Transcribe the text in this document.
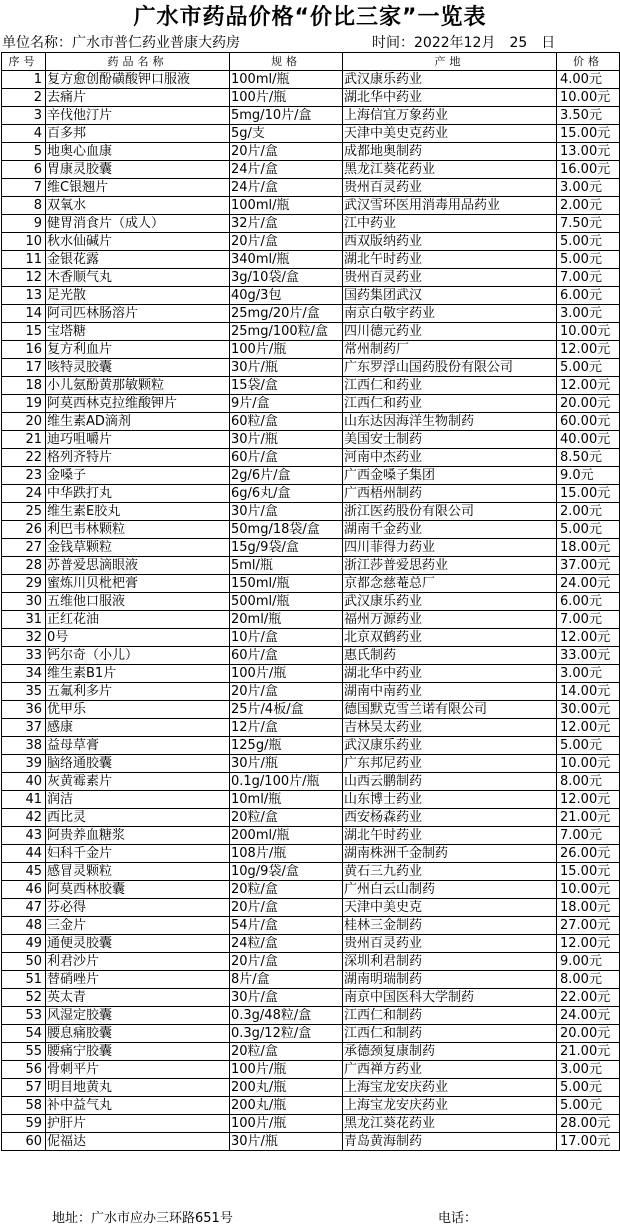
广水市药品价格“价比三家”一览表
单位名称：广水市普仁药业普康大药房	时间：2022年12月　25　日
序号	药品名称	规格	产地	价格
1	复方愈创酚磺酸钾口服液	100ml/瓶	武汉康乐药业	4.00元
2	去痛片	100片/瓶	湖北华中药业	10.00元
3	辛伐他汀片	5mg/10片/盒	上海信宜万象药业	3.50元
4	百多邦	5g/支	天津中美史克药业	15.00元
5	地奥心血康	20片/盒	成都地奥制药	13.00元
6	胃康灵胶囊	24片/盒	黑龙江葵花药业	16.00元
7	维C银翘片	24片/盒	贵州百灵药业	3.00元
8	双氧水	100ml/瓶	武汉雪环医用消毒用品药业	2.00元
9	健胃消食片（成人）	32片/盒	江中药业	7.50元
10	秋水仙碱片	20片/盒	西双版纳药业	5.00元
11	金银花露	340ml/瓶	湖北午时药业	5.00元
12	木香顺气丸	3g/10袋/盒	贵州百灵药业	7.00元
13	足光散	40g/3包	国药集团武汉	6.00元
14	阿司匹林肠溶片	25mg/20片/盒	南京白敬宇药业	3.00元
15	宝塔糖	25mg/100粒/盒	四川德元药业	10.00元
16	复方利血片	100片/瓶	常州制药厂	12.00元
17	咳特灵胶囊	30片/瓶	广东罗浮山国药股份有限公司	5.00元
18	小儿氨酚黄那敏颗粒	15袋/盒	江西仁和药业	12.00元
19	阿莫西林克拉维酸钾片	9片/盒	江西仁和药业	20.00元
20	维生素AD滴剂	60粒/盒	山东达因海洋生物制药	60.00元
21	迪巧咀嚼片	30片/瓶	美国安士制药	40.00元
22	格列齐特片	60片/盒	河南中杰药业	8.50元
23	金嗓子	2g/6片/盒	广西金嗓子集团	9.0元
24	中华跌打丸	6g/6丸/盒	广西梧州制药	15.00元
25	维生素E胶丸	30片/盒	浙江医药股份有限公司	2.00元
26	利巴韦林颗粒	50mg/18袋/盒	湖南千金药业	5.00元
27	金钱草颗粒	15g/9袋/盒	四川菲得力药业	18.00元
28	苏普爱思滴眼液	5ml/瓶	浙江莎普爱思药业	37.00元
29	蜜炼川贝枇杷膏	150ml/瓶	京都念慈菴总厂	24.00元
30	五维他口服液	500ml/瓶	武汉康乐药业	6.00元
31	正红花油	20ml/瓶	福州万源药业	7.00元
32	0号	10片/盒	北京双鹤药业	12.00元
33	钙尔奇（小儿）	60片/盒	惠氏制药	33.00元
34	维生素B1片	100片/瓶	湖北华中药业	3.00元
35	五氟利多片	20片/盒	湖南中南药业	14.00元
36	优甲乐	25片/4板/盒	德国默克雪兰诺有限公司	30.00元
37	感康	12片/盒	吉林吴太药业	12.00元
38	益母草膏	125g/瓶	武汉康乐药业	5.00元
39	脑络通胶囊	30片/瓶	广东邦尼药业	10.00元
40	灰黄霉素片	0.1g/100片/瓶	山西云鹏制药	8.00元
41	润洁	10ml/瓶	山东博士药业	12.00元
42	西比灵	20粒/盒	西安杨森药业	21.00元
43	阿贵养血糖浆	200ml/瓶	湖北午时药业	7.00元
44	妇科千金片	108片/瓶	湖南株洲千金制药	26.00元
45	感冒灵颗粒	10g/9袋/盒	黄石三九药业	15.00元
46	阿莫西林胶囊	20粒/盒	广州白云山制药	10.00元
47	芬必得	20片/盒	天津中美史克	18.00元
48	三金片	54片/盒	桂林三金制药	27.00元
49	通便灵胶囊	24粒/盒	贵州百灵药业	12.00元
50	利君沙片	20片/盒	深圳利君制药	9.00元
51	替硝唑片	8片/盒	湖南明瑞制药	8.00元
52	英太青	30片/盒	南京中国医科大学制药	22.00元
53	风湿定胶囊	0.3g/48粒/盒	江西仁和制药	24.00元
54	腰息痛胶囊	0.3g/12粒/盒	江西仁和制药	20.00元
55	腰痛宁胶囊	20粒/盒	承德颈复康制药	21.00元
56	骨刺平片	100片/瓶	广西禅方药业	3.00元
57	明目地黄丸	200丸/瓶	上海宝龙安庆药业	5.00元
58	补中益气丸	200丸/瓶	上海宝龙安庆药业	5.00元
59	护肝片	100片/瓶	黑龙江葵花药业	28.00元
60	伲福达	30片/瓶	青岛黄海制药	17.00元
地址：广水市应办三环路651号	电话：
